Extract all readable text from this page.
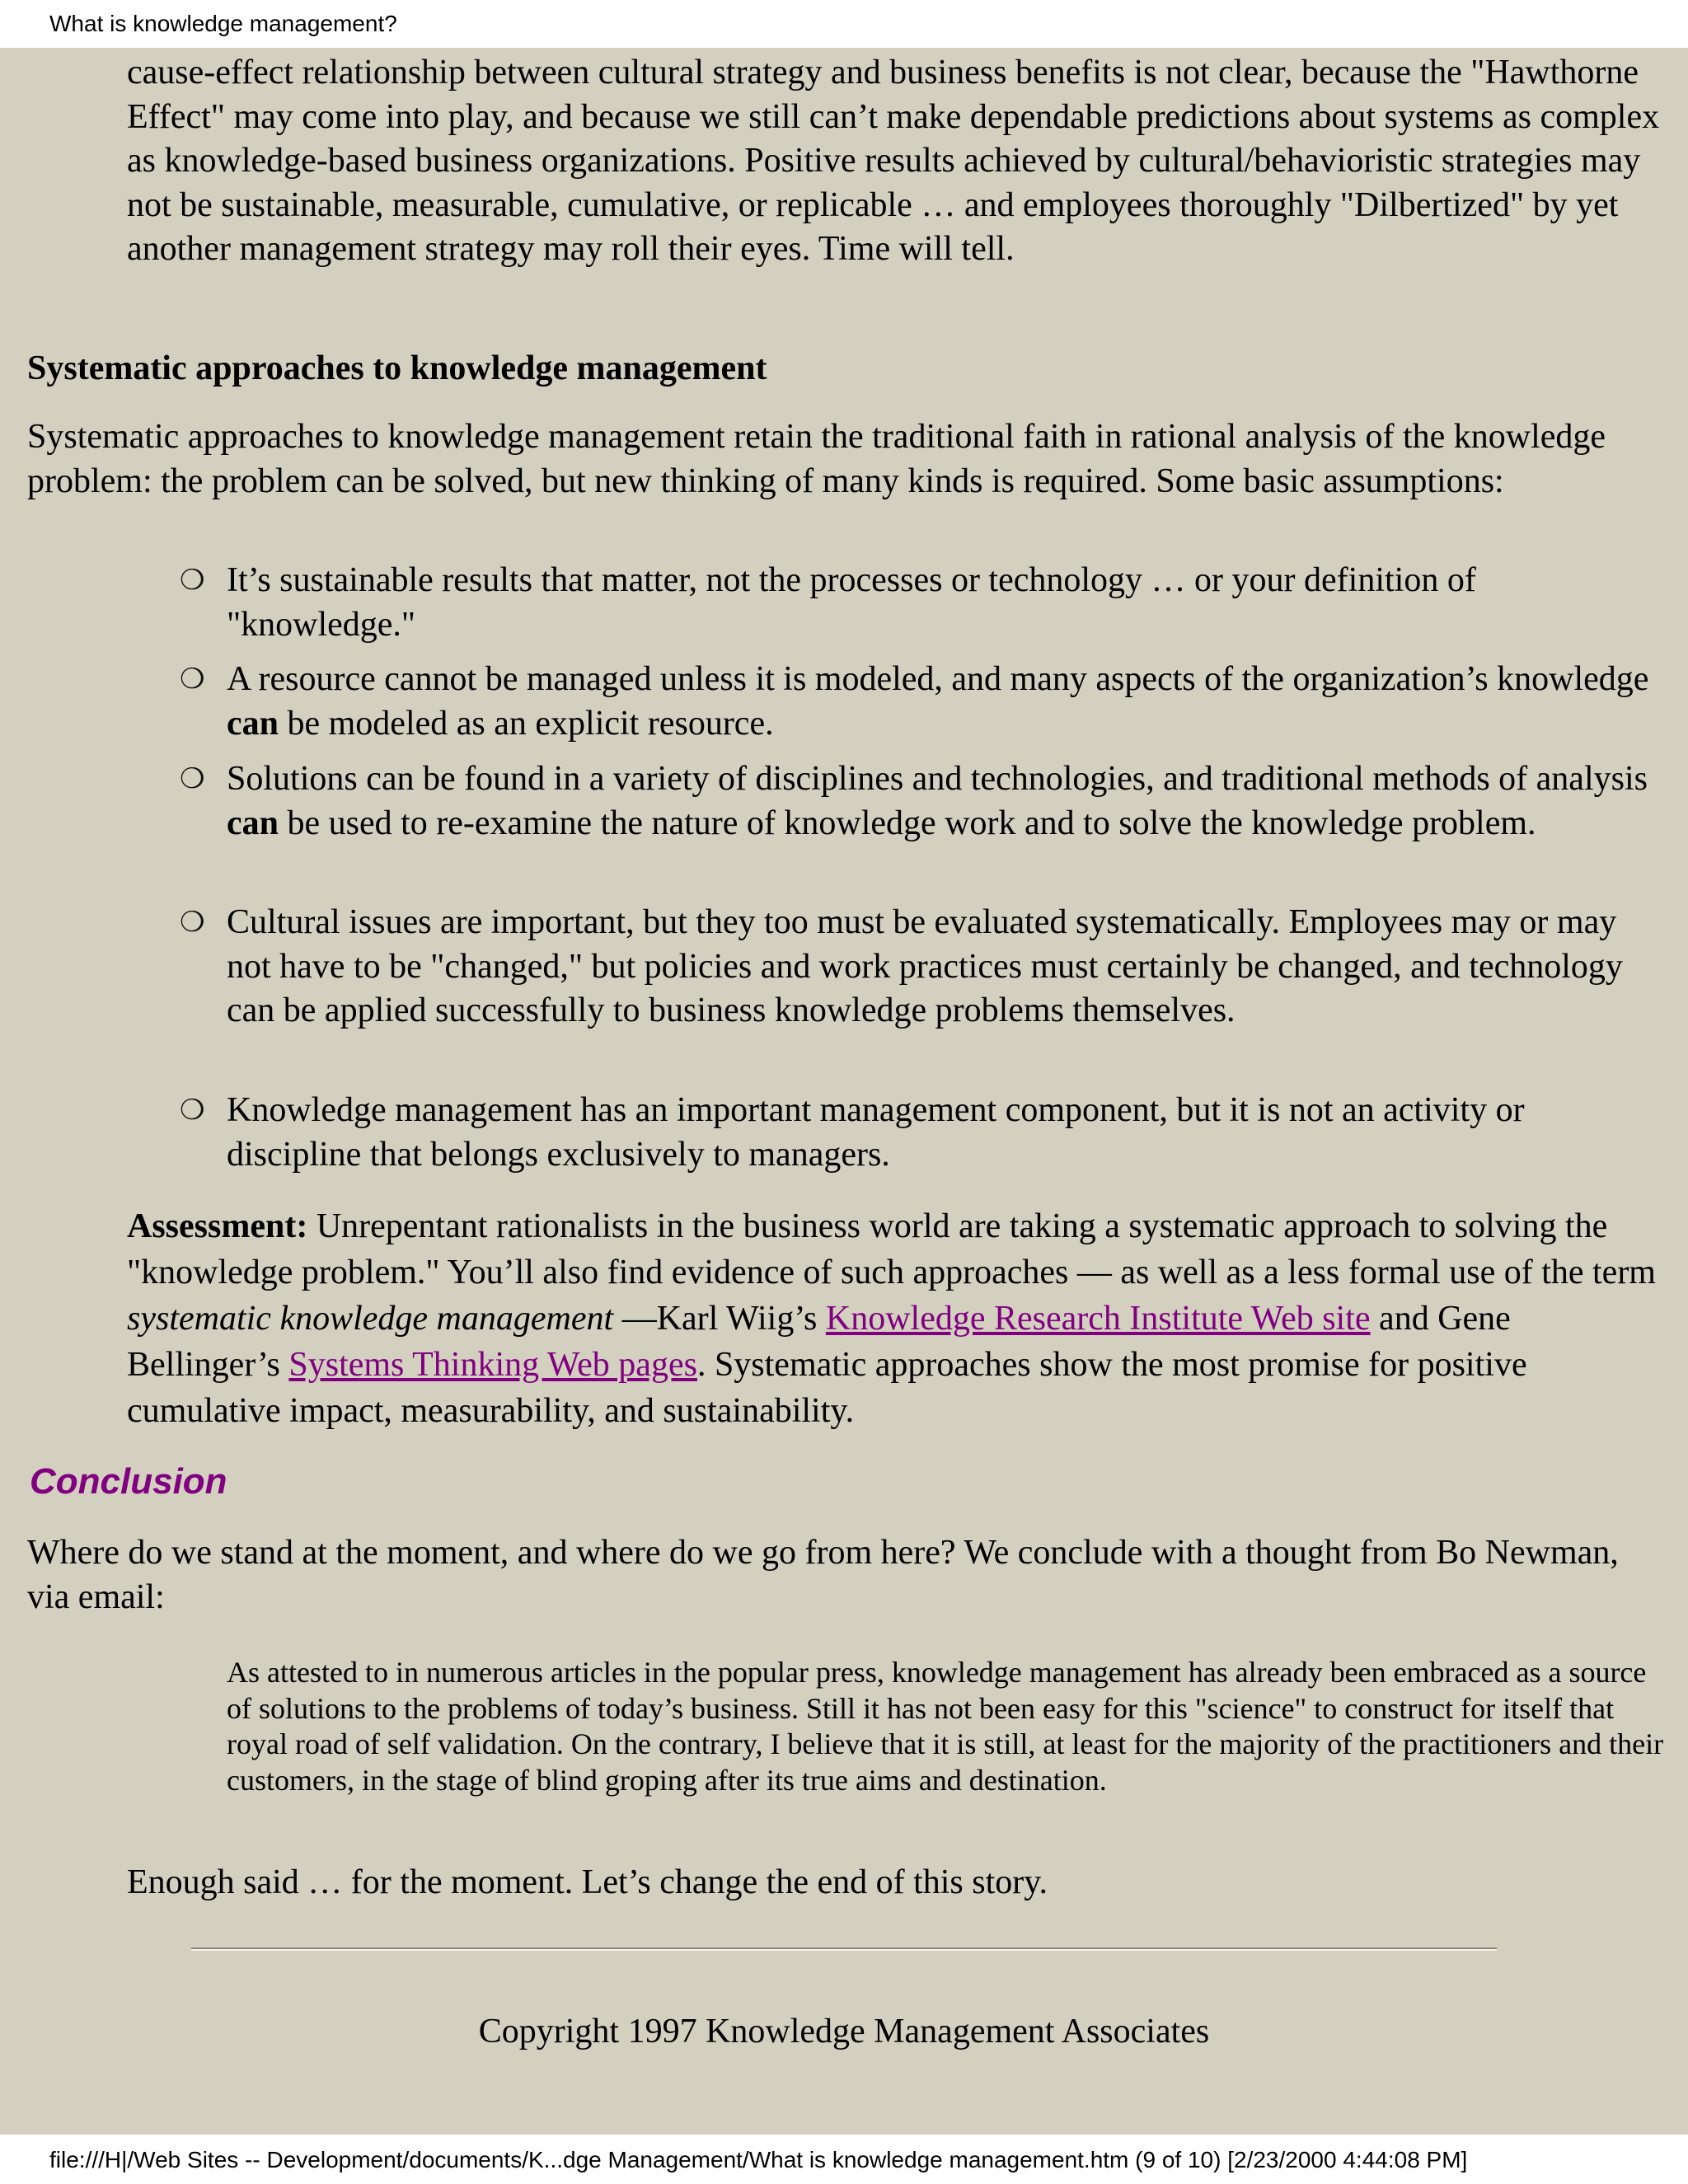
What is knowledge management?

cause-effect relationship between cultural strategy and business benefits is not clear, because the "Hawthorne Effect" may come into play, and because we still can’t make dependable predictions about systems as complex as knowledge-based business organizations. Positive results achieved by cultural/behavioristic strategies may not be sustainable, measurable, cumulative, or replicable … and employees thoroughly "Dilbertized" by yet another management strategy may roll their eyes. Time will tell.

Systematic approaches to knowledge management

Systematic approaches to knowledge management retain the traditional faith in rational analysis of the knowledge problem: the problem can be solved, but new thinking of many kinds is required. Some basic assumptions:

❍ It’s sustainable results that matter, not the processes or technology … or your definition of "knowledge."
❍ A resource cannot be managed unless it is modeled, and many aspects of the organization’s knowledge can be modeled as an explicit resource.
❍ Solutions can be found in a variety of disciplines and technologies, and traditional methods of analysis can be used to re-examine the nature of knowledge work and to solve the knowledge problem.
❍ Cultural issues are important, but they too must be evaluated systematically. Employees may or may not have to be "changed," but policies and work practices must certainly be changed, and technology can be applied successfully to business knowledge problems themselves.
❍ Knowledge management has an important management component, but it is not an activity or discipline that belongs exclusively to managers.

Assessment: Unrepentant rationalists in the business world are taking a systematic approach to solving the "knowledge problem." You’ll also find evidence of such approaches — as well as a less formal use of the term systematic knowledge management —Karl Wiig’s Knowledge Research Institute Web site and Gene Bellinger’s Systems Thinking Web pages. Systematic approaches show the most promise for positive cumulative impact, measurability, and sustainability.

Conclusion

Where do we stand at the moment, and where do we go from here? We conclude with a thought from Bo Newman, via email:

As attested to in numerous articles in the popular press, knowledge management has already been embraced as a source of solutions to the problems of today’s business. Still it has not been easy for this "science" to construct for itself that royal road of self validation. On the contrary, I believe that it is still, at least for the majority of the practitioners and their customers, in the stage of blind groping after its true aims and destination.

Enough said … for the moment. Let’s change the end of this story.

Copyright 1997 Knowledge Management Associates
file:///H|/Web Sites -- Development/documents/K...dge Management/What is knowledge management.htm (9 of 10) [2/23/2000 4:44:08 PM]
